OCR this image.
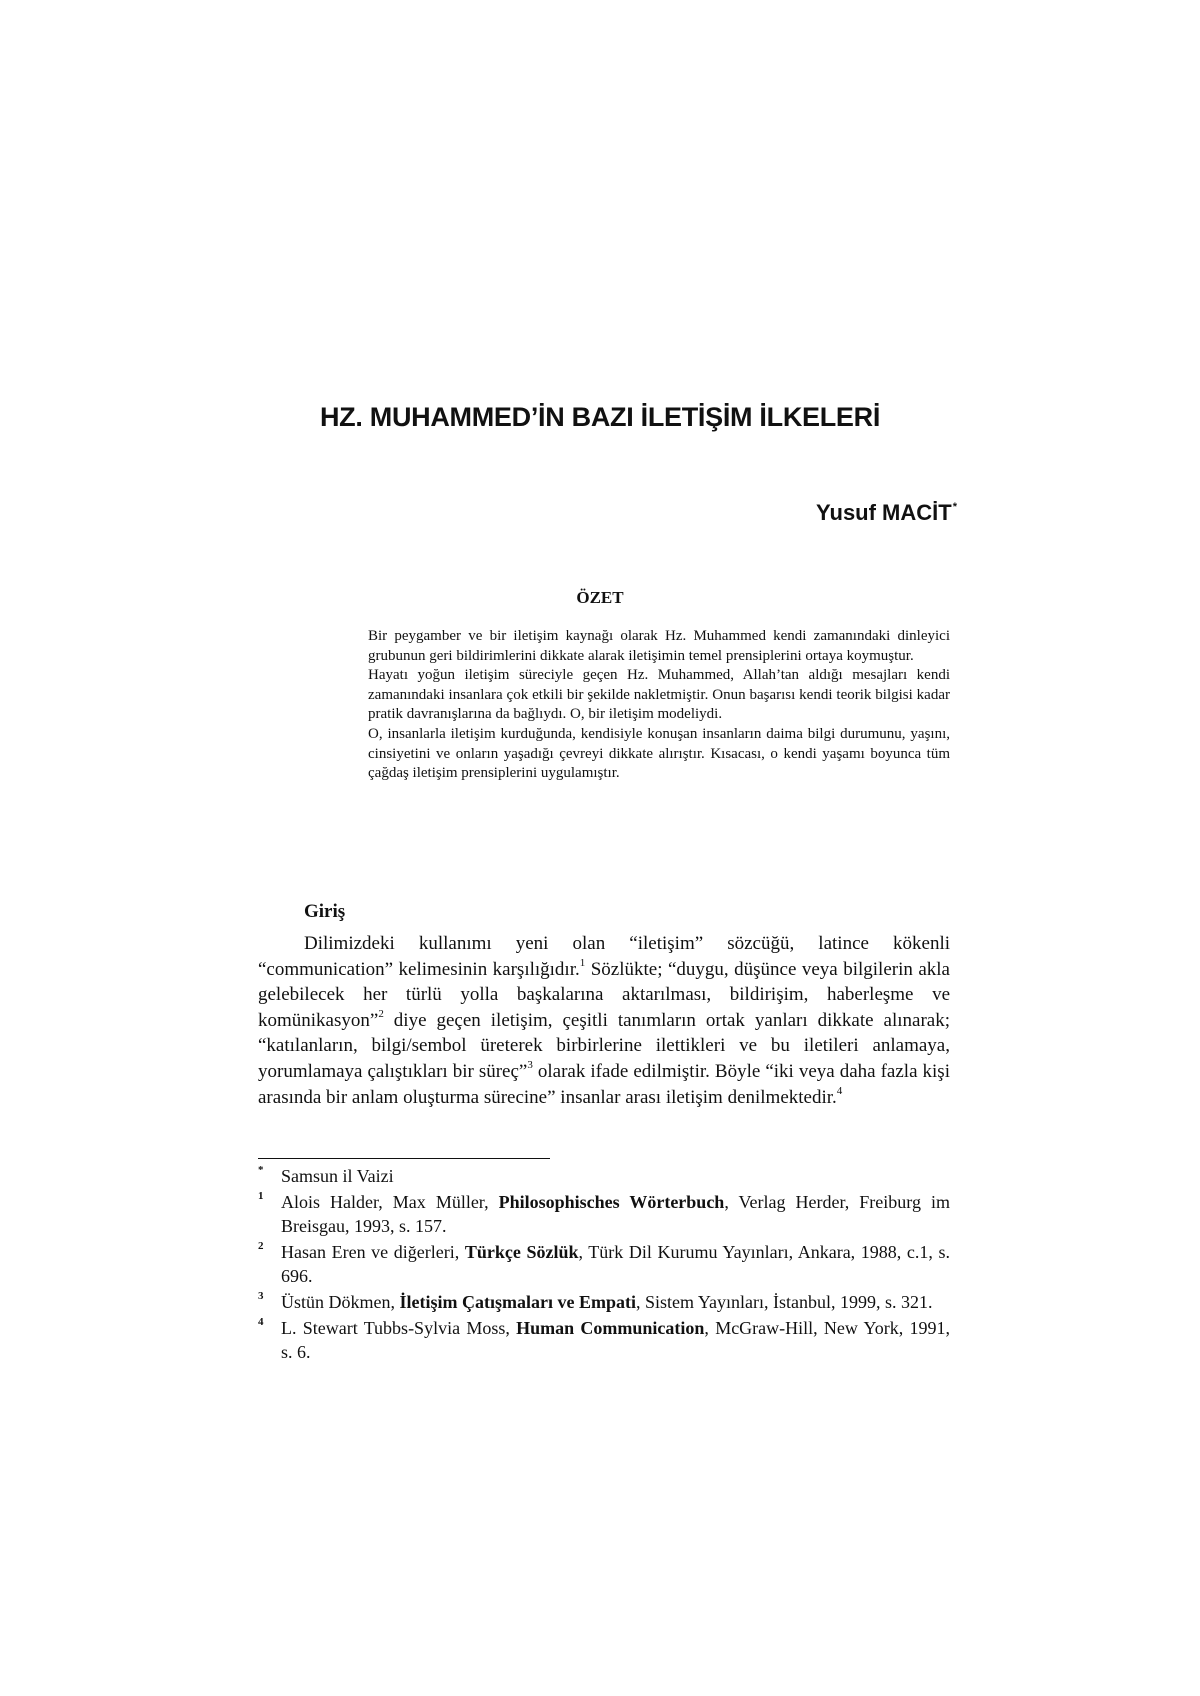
HZ. MUHAMMED’İN BAZI İLETİŞİM İLKELERİ
Yusuf MACİT*
ÖZET

Bir peygamber ve bir iletişim kaynağı olarak Hz. Muhammed kendi zamanındaki dinleyici grubunun geri bildirimlerini dikkate alarak iletişimin temel prensiplerini ortaya koymuştur.

Hayatı yoğun iletişim süreciyle geçen Hz. Muhammed, Allah’tan aldığı mesajları kendi zamanındaki insanlara çok etkili bir şekilde nakletmiştir. Onun başarısı kendi teorik bilgisi kadar pratik davranışlarına da bağlıydı. O, bir iletişim modeliydi.

O, insanlarla iletişim kurduğunda, kendisiyle konuşan insanların daima bilgi durumunu, yaşını, cinsiyetini ve onların yaşadığı çevreyi dikkate alırıştır. Kısacası, o kendi yaşamı boyunca tüm çağdaş iletişim prensiplerini uygulamıştır.

Giriş

Dilimizdeki kullanımı yeni olan “iletişim” sözcüğü, latince kökenli “communication” kelimesinin karşılığıdır.$^1$ Sözlükte; “duygu, düşünce veya bilgilerin akla gelebilecek her türlü yolla başkalarına aktarılması, bildirişim, haberleşme ve komünikasyon”$^2$ diye geçen iletişim, çeşitli tanımların ortak yanları dikkate alınarak; “katılanların, bilgi/sembol üreterek birbirlerine ilettikleri ve bu iletileri anlamaya, yorumlamaya çalıştıkları bir süreç”$^3$ olarak ifade edilmiştir. Böyle “iki veya daha fazla kişi arasında bir anlam oluşturma sürecine” insanlar arası iletişim denilmektedir.$^4$

* Samsun il Vaizi
1 Alois Halder, Max Müller, Philosophisches Wörterbuch, Verlag Herder, Freiburg im Breisgau, 1993, s. 157.
2 Hasan Eren ve diğerleri, Türkçe Sözlük, Türk Dil Kurumu Yayınları, Ankara, 1988, c.1, s. 696.
3 Üstün Dökmen, İletişim Çatışmaları ve Empati, Sistem Yayınları, İstanbul, 1999, s. 321.
4 L. Stewart Tubbs-Sylvia Moss, Human Communication, McGraw-Hill, New York, 1991, s. 6.
